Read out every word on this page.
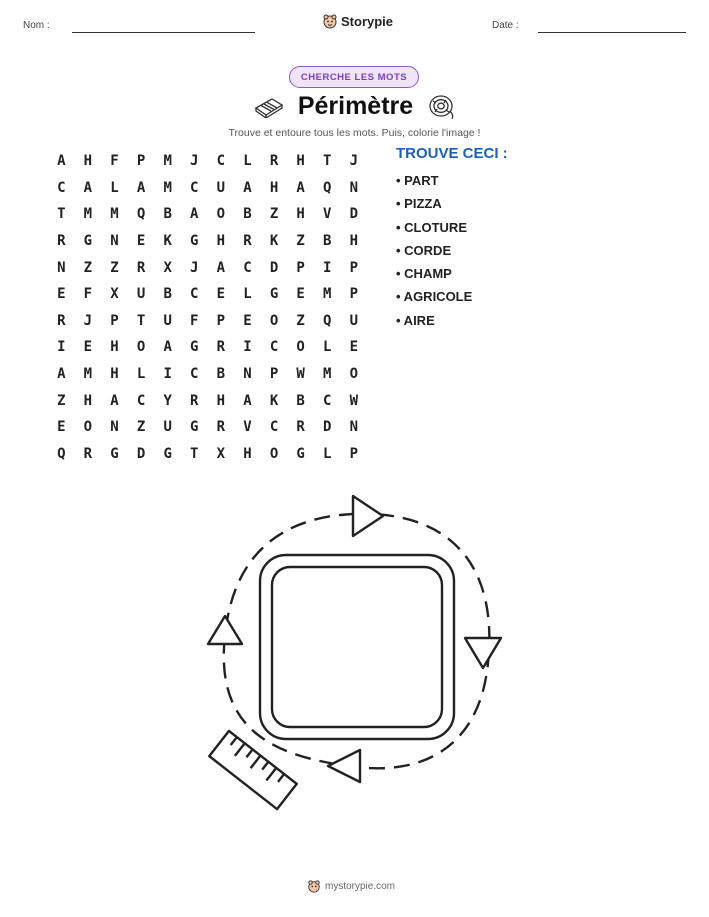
Nom :	Storypie	Date :
CHERCHE LES MOTS
Périmètre
Trouve et entoure tous les mots. Puis, colorie l'image !
A	H	F	P	M	J	C	L	R	H	T	J
C	A	L	A	M	C	U	A	H	A	Q	N
T	M	M	Q	B	A	O	B	Z	H	V	D
R	G	N	E	K	G	H	R	K	Z	B	H
N	Z	Z	R	X	J	A	C	D	P	I	P
E	F	X	U	B	C	E	L	G	E	M	P
R	J	P	T	U	F	P	E	O	Z	Q	U
I	E	H	O	A	G	R	I	C	O	L	E
A	M	H	L	I	C	B	N	P	W	M	O
Z	H	A	C	Y	R	H	A	K	B	C	W
E	O	N	Z	U	G	R	V	C	R	D	N
Q	R	G	D	G	T	X	H	O	G	L	P
TROUVE CECI :
• PART
• PIZZA
• CLOTURE
• CORDE
• CHAMP
• AGRICOLE
• AIRE
mystorypie.com
